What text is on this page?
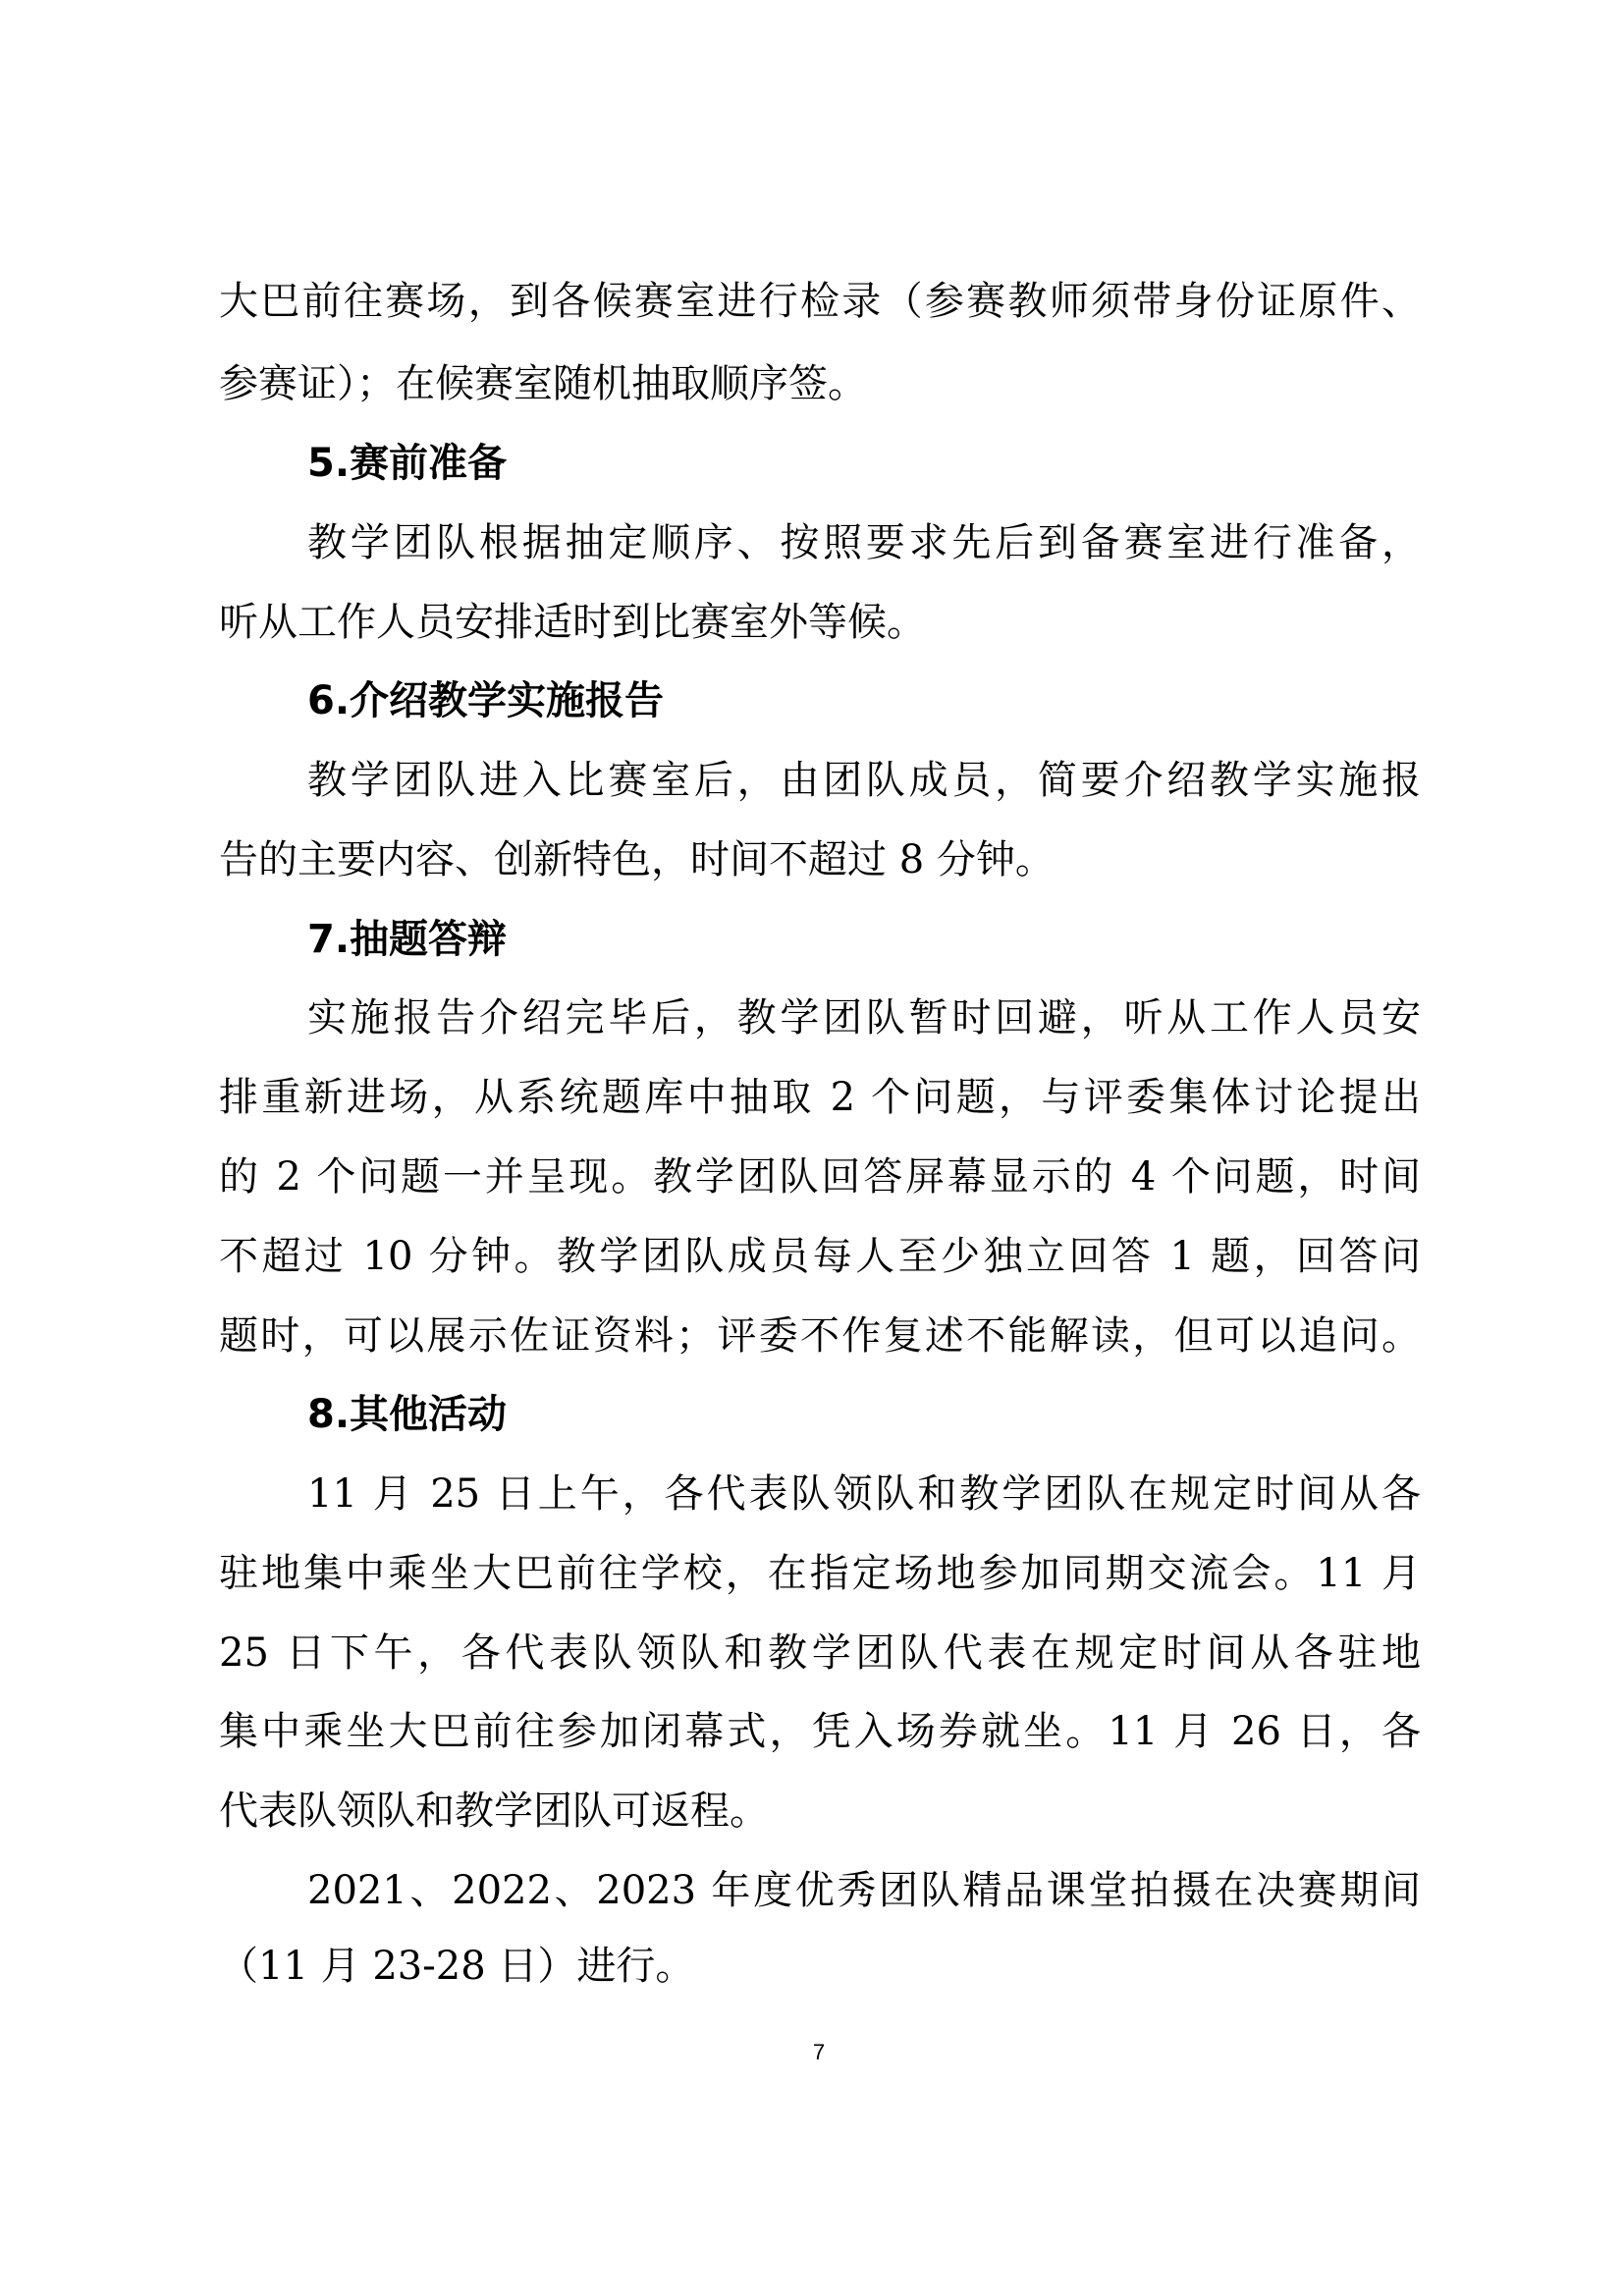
大巴前往赛场，到各候赛室进行检录（参赛教师须带身份证原件、
参赛证）；在候赛室随机抽取顺序签。
5.赛前准备
教学团队根据抽定顺序、按照要求先后到备赛室进行准备，
听从工作人员安排适时到比赛室外等候。
6.介绍教学实施报告
教学团队进入比赛室后，由团队成员，简要介绍教学实施报
告的主要内容、创新特色，时间不超过 8 分钟。
7.抽题答辩
实施报告介绍完毕后，教学团队暂时回避，听从工作人员安
排重新进场，从系统题库中抽取 2 个问题，与评委集体讨论提出
的 2 个问题一并呈现。教学团队回答屏幕显示的 4 个问题，时间
不超过 10 分钟。教学团队成员每人至少独立回答 1 题，回答问
题时，可以展示佐证资料；评委不作复述不能解读，但可以追问。
8.其他活动
11 月 25 日上午，各代表队领队和教学团队在规定时间从各
驻地集中乘坐大巴前往学校，在指定场地参加同期交流会。11 月
25 日下午，各代表队领队和教学团队代表在规定时间从各驻地
集中乘坐大巴前往参加闭幕式，凭入场券就坐。11 月 26 日，各
代表队领队和教学团队可返程。
2021、2022、2023 年度优秀团队精品课堂拍摄在决赛期间
（11 月 23-28 日）进行。
7
